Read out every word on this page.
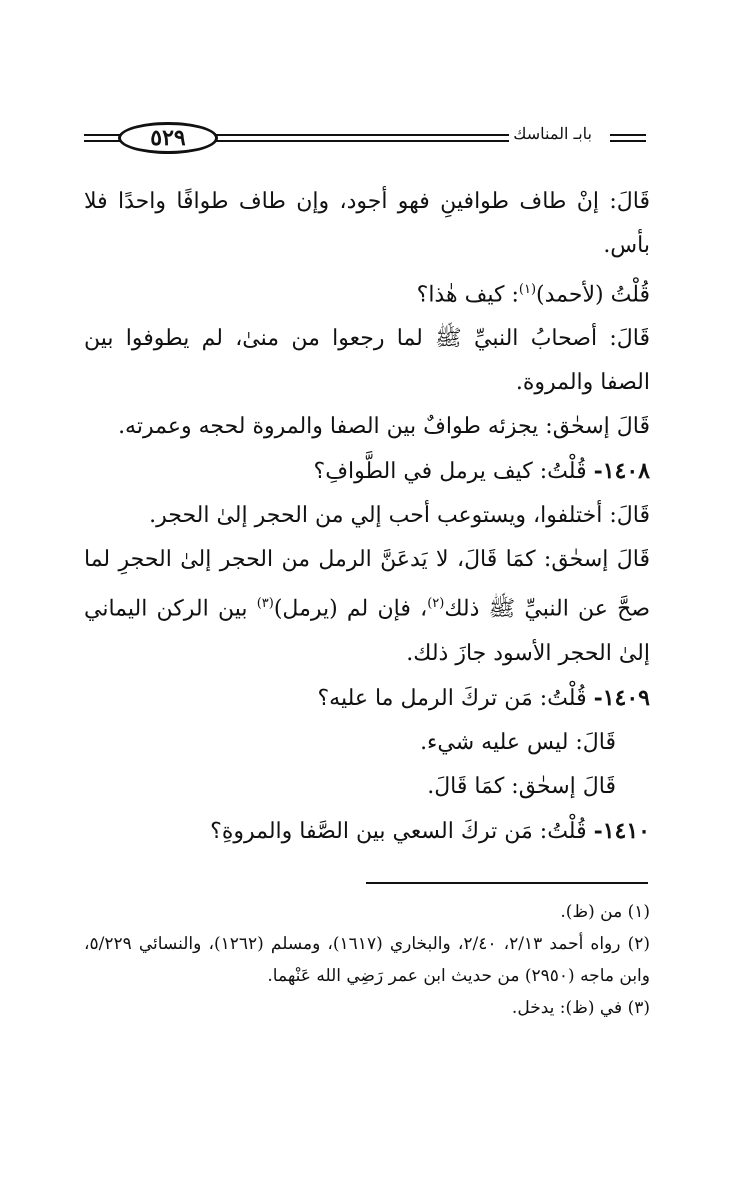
٥٢٩	بابـ المناسك

قَالَ: إنْ طاف طوافينِ فهو أجود، وإن طاف طوافًا واحدًا فلا بأس.

قُلْتُ (لأحمد)$^{(١)}$: كيف هٰذا؟

قَالَ: أصحابُ النبيِّ ﷺ لما رجعوا من منىٰ، لم يطوفوا بين الصفا والمروة.

قَالَ إسحٰق: يجزئه طوافٌ بين الصفا والمروة لحجه وعمرته.

١٤٠٨- قُلْتُ: كيف يرمل في الطَّوافِ؟

قَالَ: أختلفوا، ويستوعب أحب إلي من الحجر إلىٰ الحجر.

قَالَ إسحٰق: كمَا قَالَ، لا يَدعَنَّ الرمل من الحجر إلىٰ الحجرِ لما صحَّ عن النبيِّ ﷺ ذلك$^{(٢)}$، فإن لم (يرمل)$^{(٣)}$ بين الركن اليماني إلىٰ الحجر الأسود جازَ ذلك.

١٤٠٩- قُلْتُ: مَن تركَ الرمل ما عليه؟

قَالَ: ليس عليه شيء.

قَالَ إسحٰق: كمَا قَالَ.

١٤١٠- قُلْتُ: مَن تركَ السعي بين الصَّفا والمروةِ؟

(١) من (ظ).

(٢) رواه أحمد ٢/١٣، ٢/٤٠، والبخاري (١٦١٧)، ومسلم (١٢٦٢)، والنسائي ٥/٢٢٩، وابن ماجه (٢٩٥٠) من حديث ابن عمر رَضِي الله عَنْهما.

(٣) في (ظ): يدخل.
